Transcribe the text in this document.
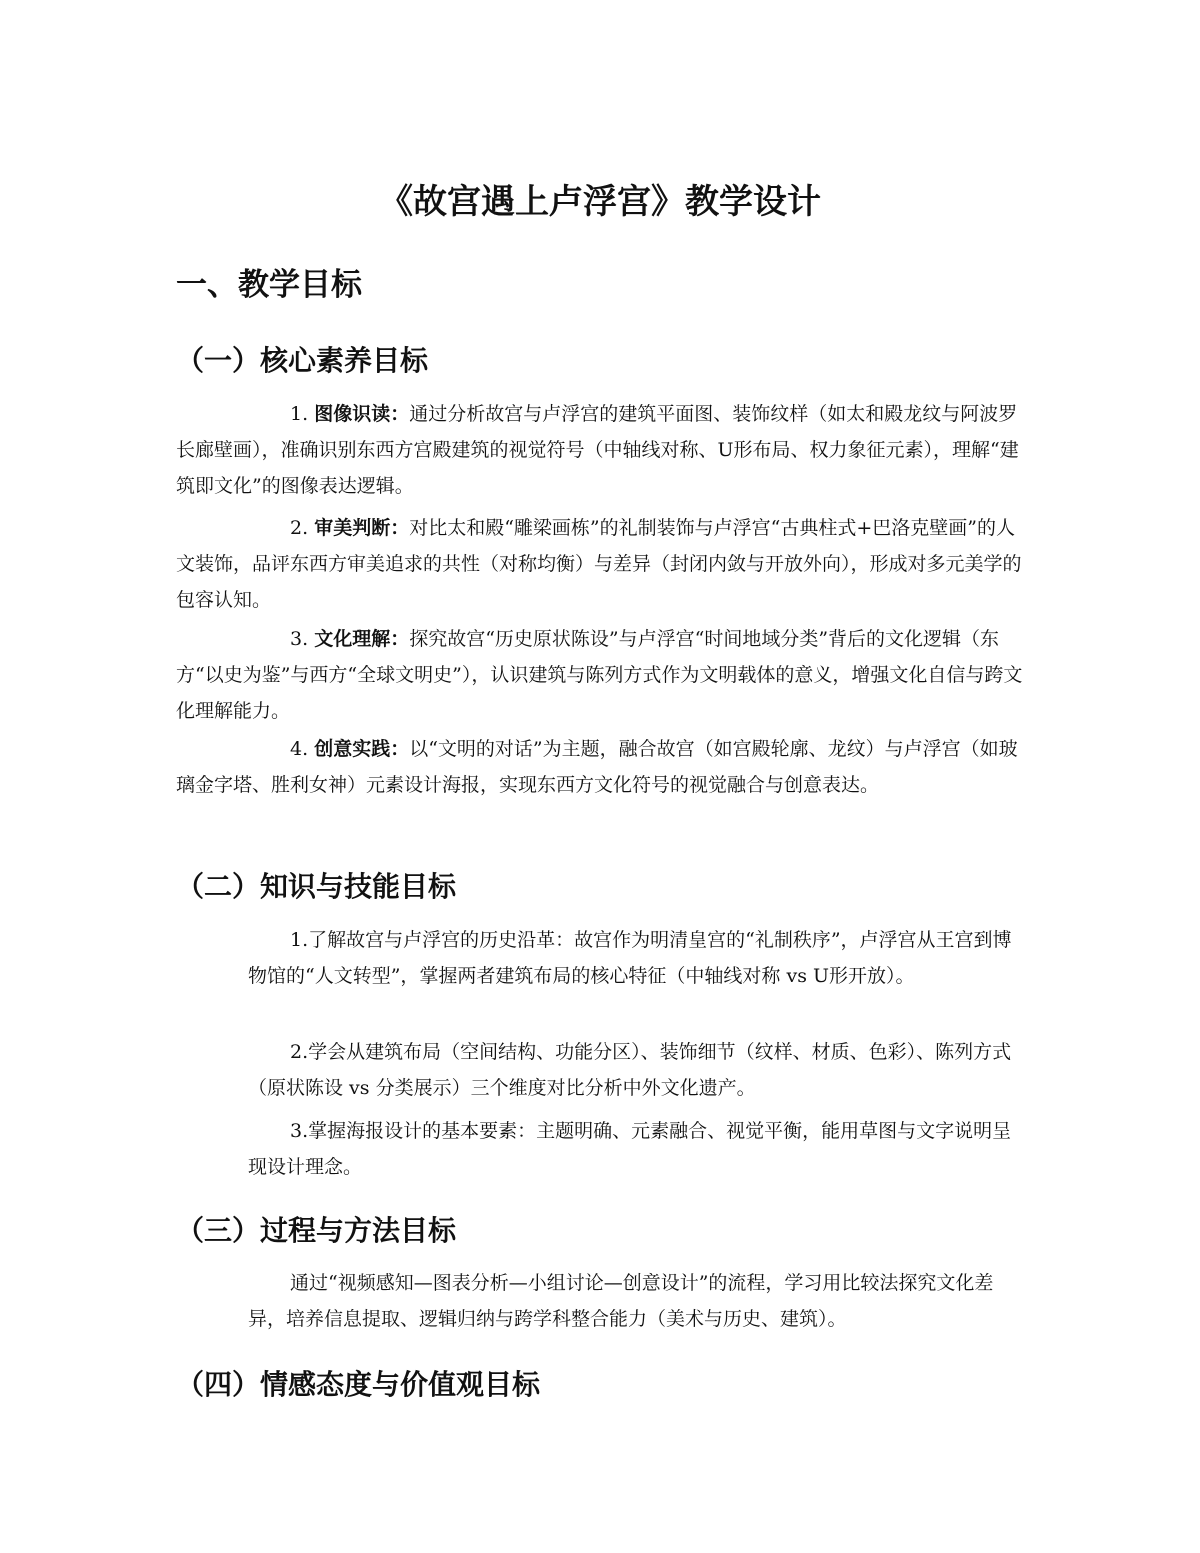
《故宫遇上卢浮宫》教学设计
一、教学目标
（一）核心素养目标

1. 图像识读：通过分析故宫与卢浮宫的建筑平面图、装饰纹样（如太和殿龙纹与阿波罗长廊壁画），准确识别东西方宫殿建筑的视觉符号（中轴线对称、U形布局、权力象征元素），理解“建筑即文化”的图像表达逻辑。

2. 审美判断：对比太和殿“雕梁画栋”的礼制装饰与卢浮宫“古典柱式+巴洛克壁画”的人文装饰，品评东西方审美追求的共性（对称均衡）与差异（封闭内敛与开放外向），形成对多元美学的包容认知。

3. 文化理解：探究故宫“历史原状陈设”与卢浮宫“时间地域分类”背后的文化逻辑（东方“以史为鉴”与西方“全球文明史”），认识建筑与陈列方式作为文明载体的意义，增强文化自信与跨文化理解能力。

4. 创意实践：以“文明的对话”为主题，融合故宫（如宫殿轮廓、龙纹）与卢浮宫（如玻璃金字塔、胜利女神）元素设计海报，实现东西方文化符号的视觉融合与创意表达。

（二）知识与技能目标

1.了解故宫与卢浮宫的历史沿革：故宫作为明清皇宫的“礼制秩序”，卢浮宫从王宫到博物馆的“人文转型”，掌握两者建筑布局的核心特征（中轴线对称 vs U形开放）。

2.学会从建筑布局（空间结构、功能分区）、装饰细节（纹样、材质、色彩）、陈列方式（原状陈设 vs 分类展示）三个维度对比分析中外文化遗产。

3.掌握海报设计的基本要素：主题明确、元素融合、视觉平衡，能用草图与文字说明呈现设计理念。

（三）过程与方法目标

通过“视频感知—图表分析—小组讨论—创意设计”的流程，学习用比较法探究文化差异，培养信息提取、逻辑归纳与跨学科整合能力（美术与历史、建筑）。

（四）情感态度与价值观目标
